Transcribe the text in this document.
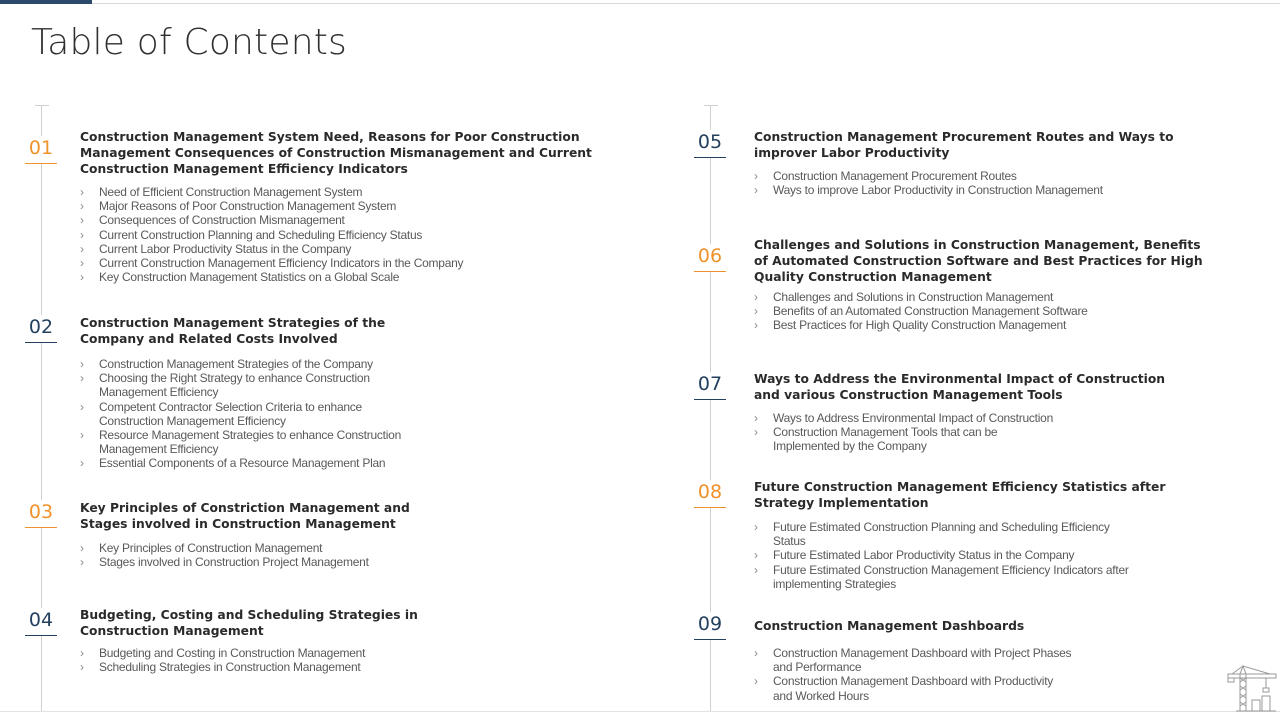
Table of Contents
01	Construction Management System Need, Reasons for Poor Construction Management Consequences of Construction Mismanagement and Current Construction Management Efficiency Indicators

› Need of Efficient Construction Management System
› Major Reasons of Poor Construction Management System
› Consequences of Construction Mismanagement
› Current Construction Planning and Scheduling Efficiency Status
› Current Labor Productivity Status in the Company
› Current Construction Management Efficiency Indicators in the Company
› Key Construction Management Statistics on a Global Scale
02	Construction Management Strategies of the Company and Related Costs Involved

› Construction Management Strategies of the Company
› Choosing the Right Strategy to enhance Construction Management Efficiency
› Competent Contractor Selection Criteria to enhance Construction Management Efficiency
› Resource Management Strategies to enhance Construction Management Efficiency
› Essential Components of a Resource Management Plan
03	Key Principles of Constriction Management and Stages involved in Construction Management

› Key Principles of Construction Management
› Stages involved in Construction Project Management
04	Budgeting, Costing and Scheduling Strategies in Construction Management

› Budgeting and Costing in Construction Management
› Scheduling Strategies in Construction Management
05	Construction Management Procurement Routes and Ways to improver Labor Productivity

› Construction Management Procurement Routes
› Ways to improve Labor Productivity in Construction Management
06	Challenges and Solutions in Construction Management, Benefits of Automated Construction Software and Best Practices for High Quality Construction Management

› Challenges and Solutions in Construction Management
› Benefits of an Automated Construction Management Software
› Best Practices for High Quality Construction Management
07	Ways to Address the Environmental Impact of Construction and various Construction Management Tools

› Ways to Address Environmental Impact of Construction
› Construction Management Tools that can be Implemented by the Company
08	Future Construction Management Efficiency Statistics after Strategy Implementation

› Future Estimated Construction Planning and Scheduling Efficiency Status
› Future Estimated Labor Productivity Status in the Company
› Future Estimated Construction Management Efficiency Indicators after implementing Strategies
09	Construction Management Dashboards

› Construction Management Dashboard with Project Phases and Performance
› Construction Management Dashboard with Productivity and Worked Hours
